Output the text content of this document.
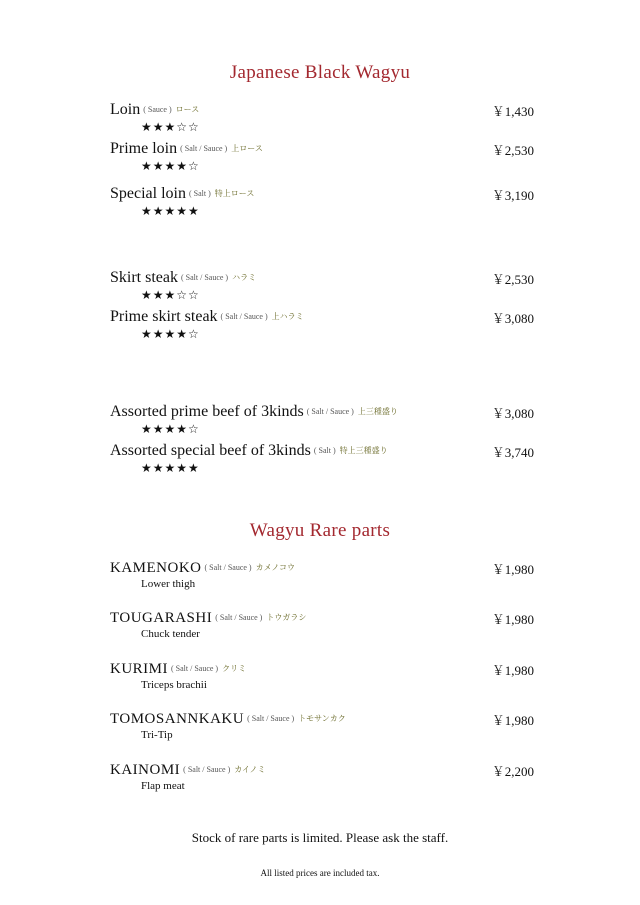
Japanese Black Wagyu
Loin ( Sauce ) ロース	￥1,430
★★★☆☆
Prime loin ( Salt / Sauce ) 上ロース	￥2,530
★★★★☆
Special loin ( Salt ) 特上ロース	￥3,190
★★★★★
Skirt steak ( Salt / Sauce ) ハラミ	￥2,530
★★★☆☆
Prime skirt steak ( Salt / Sauce ) 上ハラミ	￥3,080
★★★★☆
Assorted prime beef of 3kinds ( Salt / Sauce ) 上三種盛り	￥3,080
★★★★☆
Assorted special beef of 3kinds ( Salt ) 特上三種盛り	￥3,740
★★★★★
Wagyu Rare parts
KAMENOKO ( Salt / Sauce ) カメノコウ	￥1,980
Lower thigh
TOUGARASHI ( Salt / Sauce ) トウガラシ	￥1,980
Chuck tender
KURIMI ( Salt / Sauce ) クリミ	￥1,980
Triceps brachii
TOMOSANNKAKU ( Salt / Sauce ) トモサンカク	￥1,980
Tri-Tip
KAINOMI ( Salt / Sauce ) カイノミ	￥2,200
Flap meat
Stock of rare parts is limited. Please ask the staff.
All listed prices are included tax.
